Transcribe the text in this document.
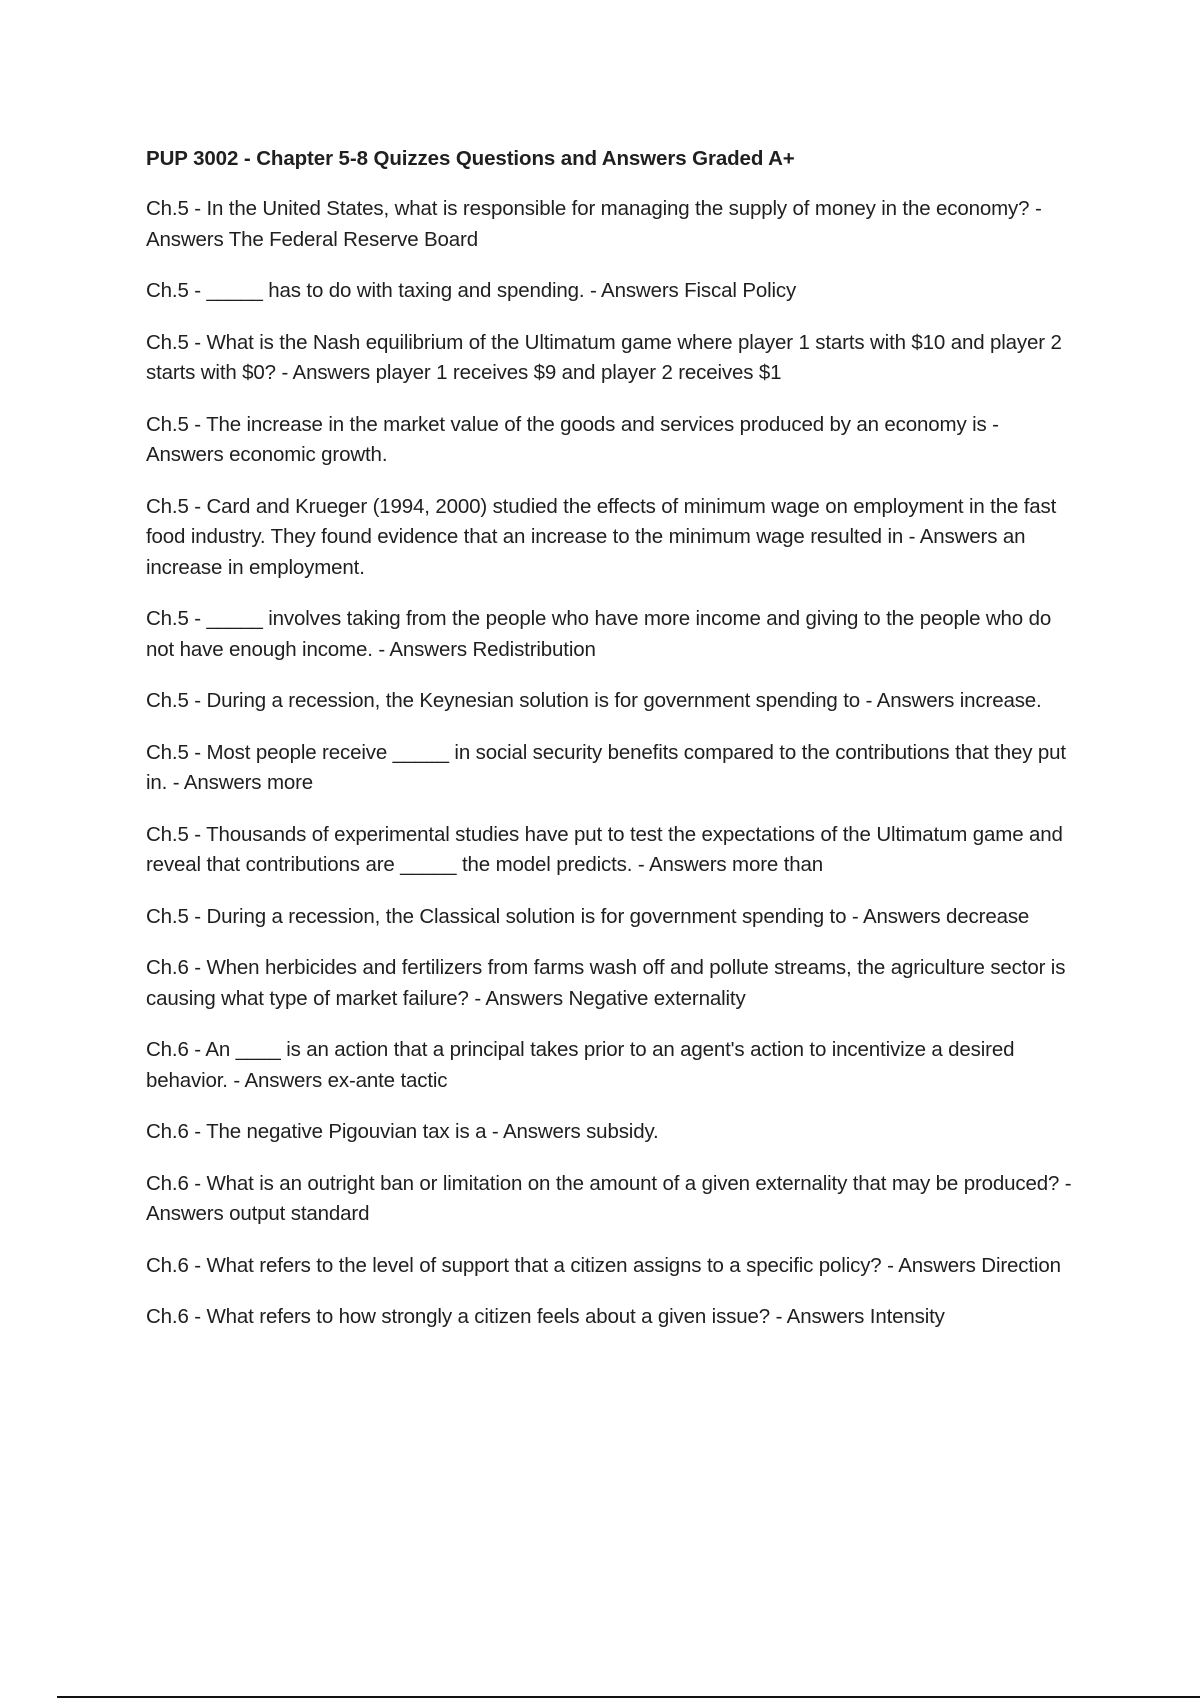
PUP 3002 - Chapter 5-8 Quizzes Questions and Answers Graded A+

Ch.5 - In the United States, what is responsible for managing the supply of money in the economy? - Answers The Federal Reserve Board

Ch.5 - _____ has to do with taxing and spending. - Answers Fiscal Policy

Ch.5 - What is the Nash equilibrium of the Ultimatum game where player 1 starts with $10 and player 2 starts with $0? - Answers player 1 receives $9 and player 2 receives $1

Ch.5 - The increase in the market value of the goods and services produced by an economy is - Answers economic growth.

Ch.5 - Card and Krueger (1994, 2000) studied the effects of minimum wage on employment in the fast food industry. They found evidence that an increase to the minimum wage resulted in - Answers an increase in employment.

Ch.5 - _____ involves taking from the people who have more income and giving to the people who do not have enough income. - Answers Redistribution

Ch.5 - During a recession, the Keynesian solution is for government spending to - Answers increase.

Ch.5 - Most people receive _____ in social security benefits compared to the contributions that they put in. - Answers more

Ch.5 - Thousands of experimental studies have put to test the expectations of the Ultimatum game and reveal that contributions are _____ the model predicts. - Answers more than

Ch.5 - During a recession, the Classical solution is for government spending to - Answers decrease

Ch.6 - When herbicides and fertilizers from farms wash off and pollute streams, the agriculture sector is causing what type of market failure? - Answers Negative externality

Ch.6 - An ____ is an action that a principal takes prior to an agent's action to incentivize a desired behavior. - Answers ex-ante tactic

Ch.6 - The negative Pigouvian tax is a - Answers subsidy.

Ch.6 - What is an outright ban or limitation on the amount of a given externality that may be produced? - Answers output standard

Ch.6 - What refers to the level of support that a citizen assigns to a specific policy? - Answers Direction

Ch.6 - What refers to how strongly a citizen feels about a given issue? - Answers Intensity
